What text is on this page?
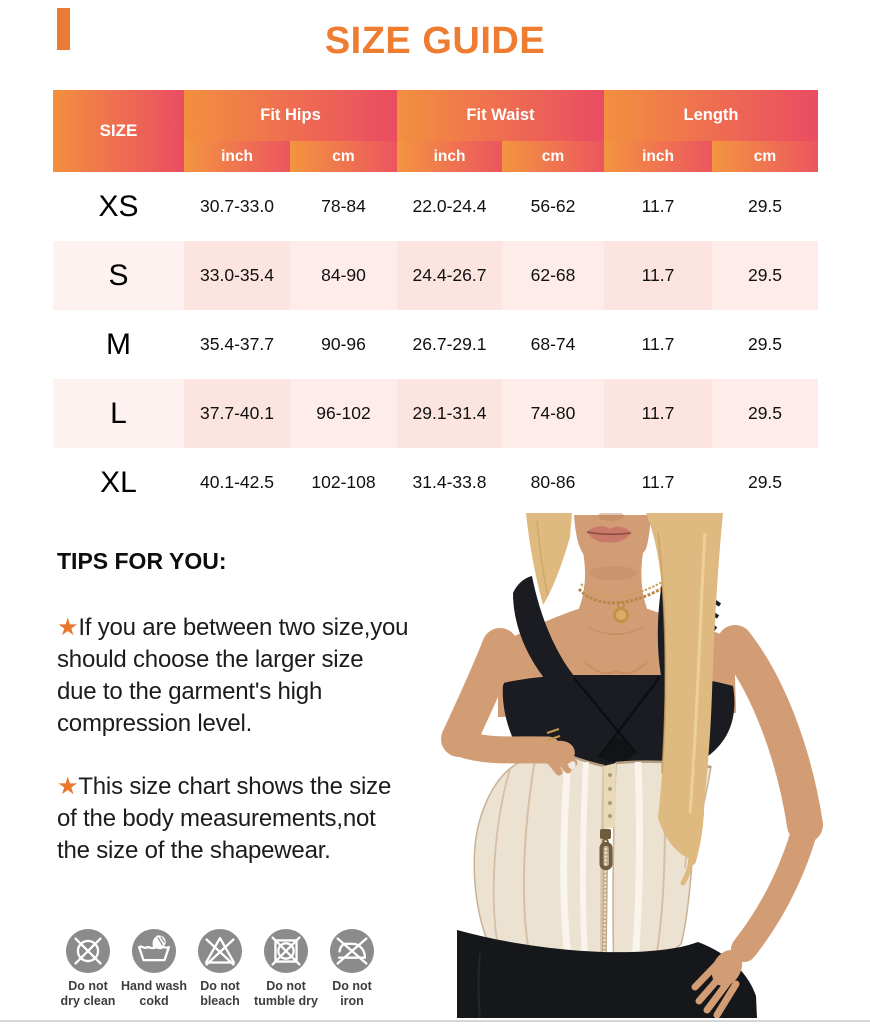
SIZE GUIDE
SIZE
Fit Hips	Fit Waist	Length
inch	cm	inch	cm	inch	cm
XS	30.7-33.0	78-84	22.0-24.4	56-62	11.7	29.5
S	33.0-35.4	84-90	24.4-26.7	62-68	11.7	29.5
M	35.4-37.7	90-96	26.7-29.1	68-74	11.7	29.5
L	37.7-40.1	96-102	29.1-31.4	74-80	11.7	29.5
XL	40.1-42.5	102-108	31.4-33.8	80-86	11.7	29.5
TIPS FOR YOU:

★If you are between two size,you should choose the larger size due to the garment's high compression level.

★This size chart shows the size of the body measurements,not the size of the shapewear.

Do not
dry clean
Hand wash
cokd
Do not
bleach
Do not
tumble dry
Do not
iron
